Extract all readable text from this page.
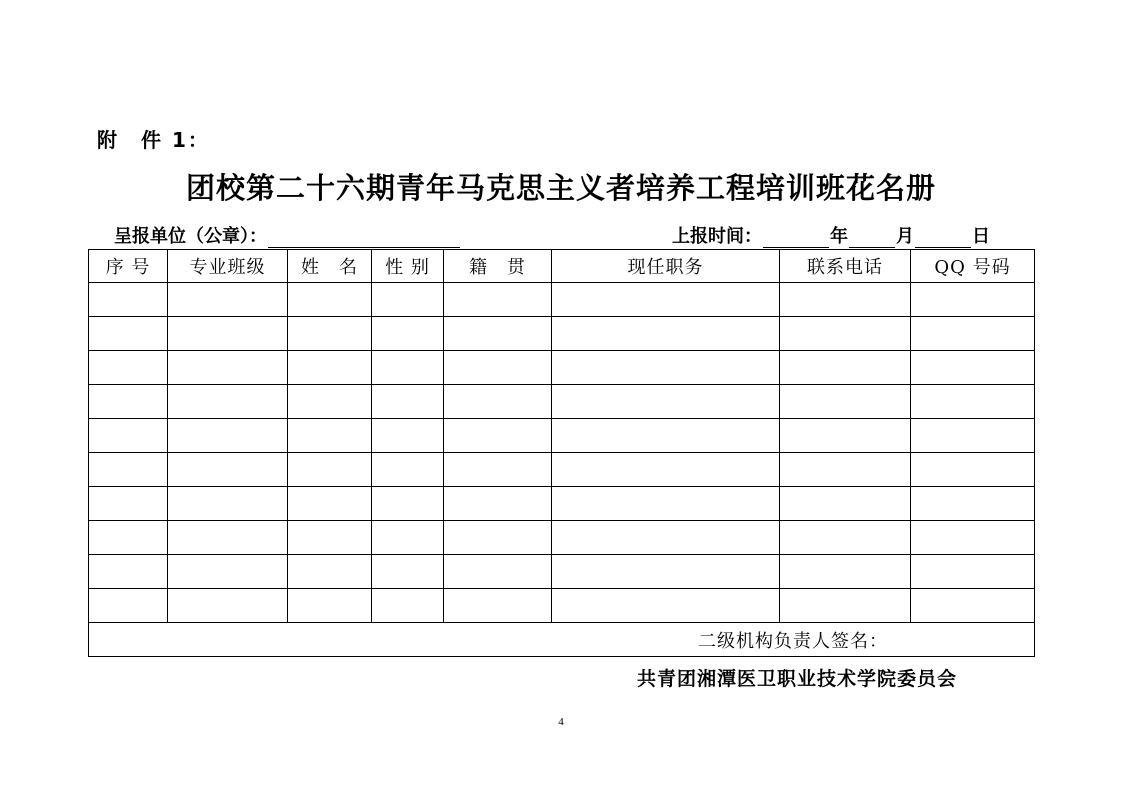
附　件 1：
团校第二十六期青年马克思主义者培养工程培训班花名册
呈报单位（公章）：	上报时间：	年	月	日
序 号	专业班级	姓　名	性 别	籍　贯	现任职务	联系电话	QQ 号码

二级机构负责人签名：							
共青团湘潭医卫职业技术学院委员会
4
